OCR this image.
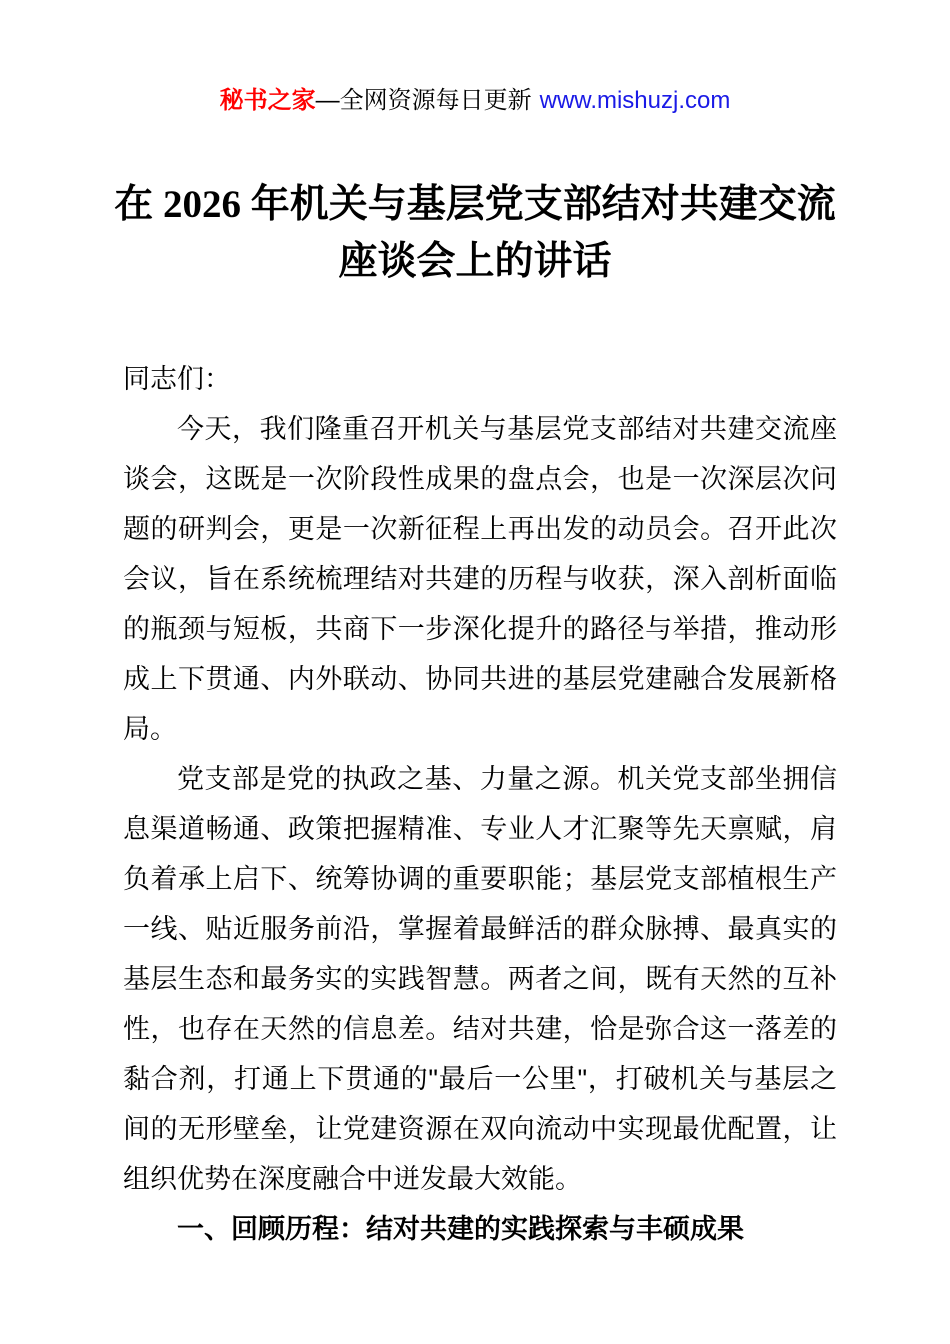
秘书之家—全网资源每日更新 www.mishuzj.com
在 2026 年机关与基层党支部结对共建交流
座谈会上的讲话

同志们：

今天，我们隆重召开机关与基层党支部结对共建交流座谈会，这既是一次阶段性成果的盘点会，也是一次深层次问题的研判会，更是一次新征程上再出发的动员会。召开此次会议，旨在系统梳理结对共建的历程与收获，深入剖析面临的瓶颈与短板，共商下一步深化提升的路径与举措，推动形成上下贯通、内外联动、协同共进的基层党建融合发展新格局。

党支部是党的执政之基、力量之源。机关党支部坐拥信息渠道畅通、政策把握精准、专业人才汇聚等先天禀赋，肩负着承上启下、统筹协调的重要职能；基层党支部植根生产一线、贴近服务前沿，掌握着最鲜活的群众脉搏、最真实的基层生态和最务实的实践智慧。两者之间，既有天然的互补性，也存在天然的信息差。结对共建，恰是弥合这一落差的黏合剂，打通上下贯通的"最后一公里"，打破机关与基层之间的无形壁垒，让党建资源在双向流动中实现最优配置，让组织优势在深度融合中迸发最大效能。

一、回顾历程：结对共建的实践探索与丰硕成果
